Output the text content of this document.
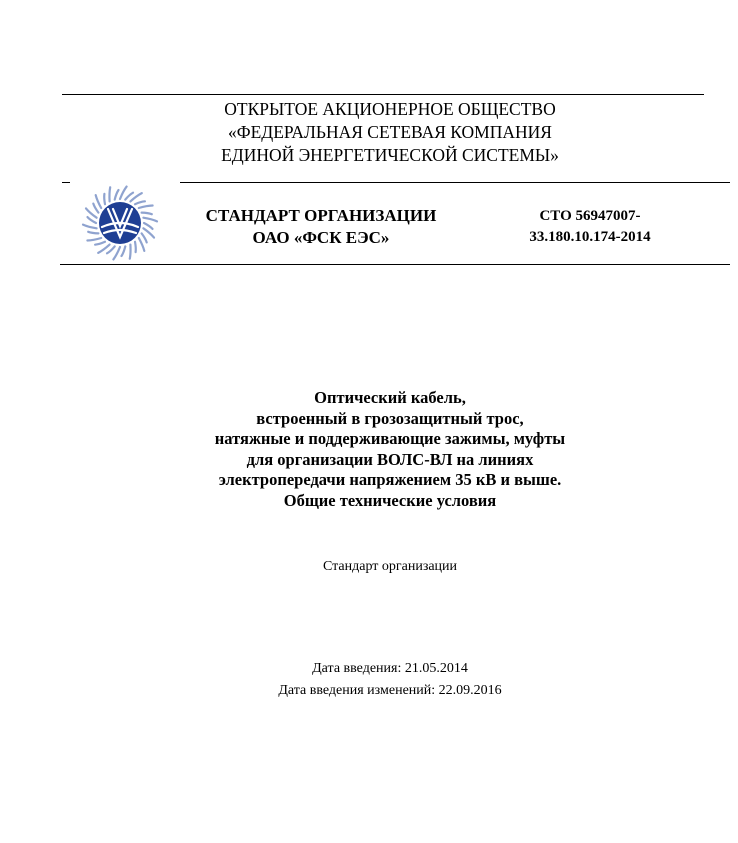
ОТКРЫТОЕ АКЦИОНЕРНОЕ ОБЩЕСТВО
«ФЕДЕРАЛЬНАЯ СЕТЕВАЯ КОМПАНИЯ
ЕДИНОЙ ЭНЕРГЕТИЧЕСКОЙ СИСТЕМЫ»
СТАНДАРТ ОРГАНИЗАЦИИ
ОАО «ФСК ЕЭС»
СТО 56947007-
33.180.10.174-2014
Оптический кабель,
встроенный в грозозащитный трос,
натяжные и поддерживающие зажимы, муфты
для организации ВОЛС-ВЛ на линиях
электропередачи напряжением 35 кВ и выше.
Общие технические условия
Стандарт организации
Дата введения: 21.05.2014
Дата введения изменений: 22.09.2016
